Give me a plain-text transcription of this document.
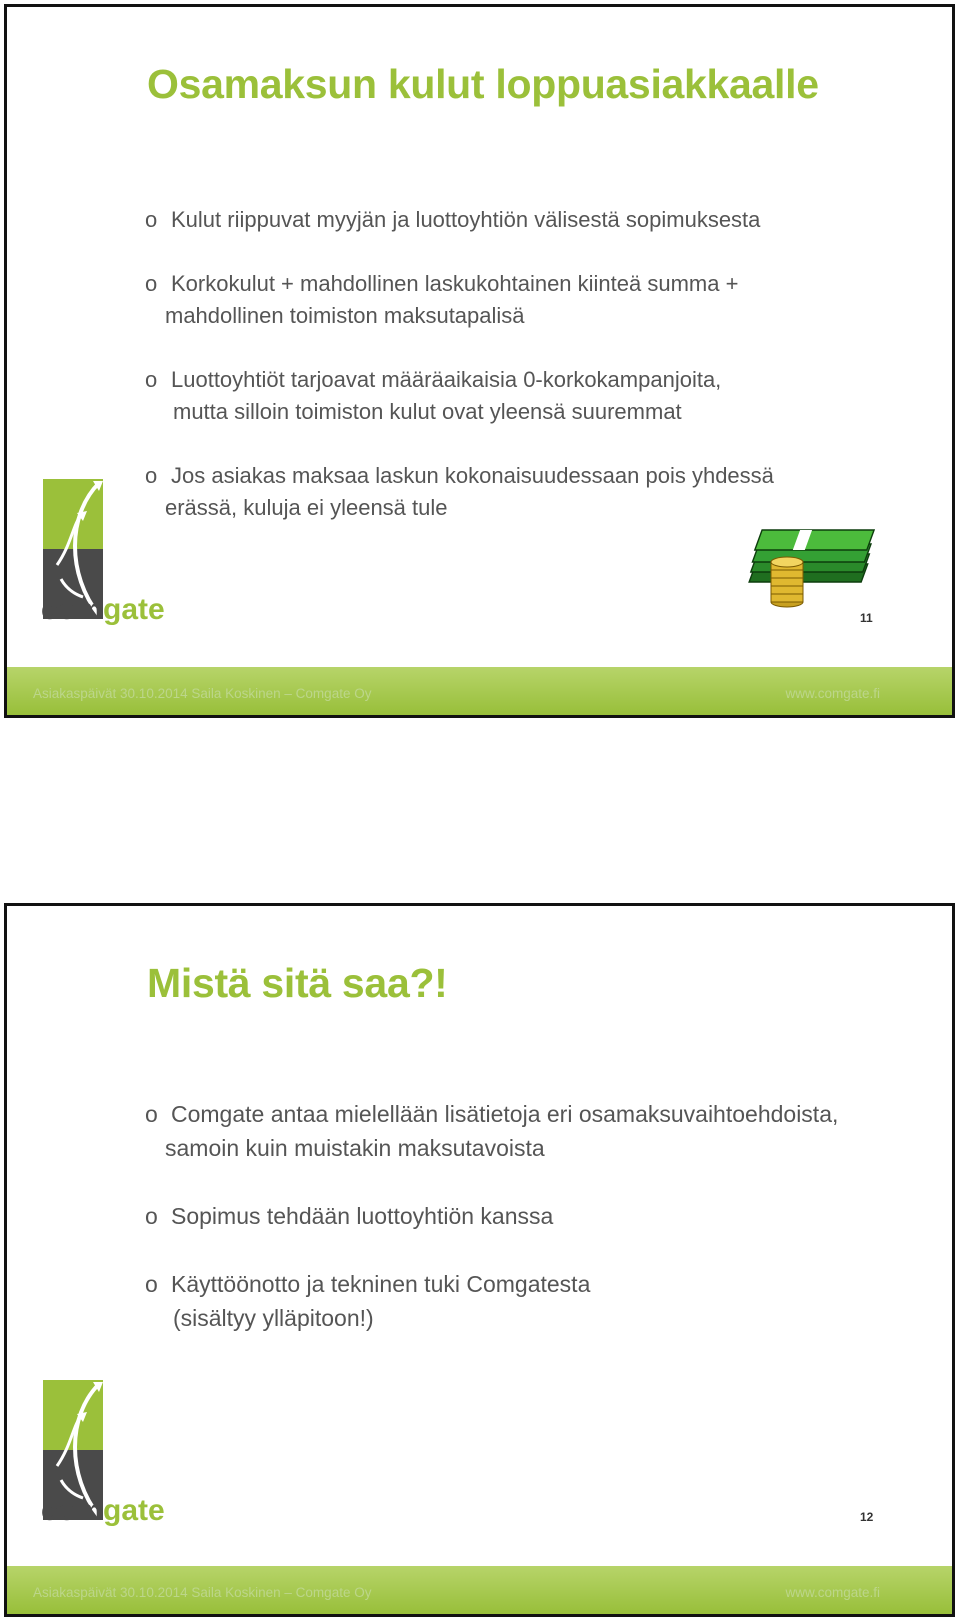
Osamaksun kulut loppuasiakkaalle
o Kulut riippuvat myyjän ja luottoyhtiön välisestä sopimuksesta
o Korkokulut + mahdollinen laskukohtainen kiinteä summa +
mahdollinen toimiston maksutapalisä
o Luottoyhtiöt tarjoavat määräaikaisia 0-korkokampanjoita,
mutta silloin toimiston kulut ovat yleensä suuremmat
o Jos asiakas maksaa laskun kokonaisuudessaan pois yhdessä
erässä, kuluja ei yleensä tule
com gate	11
Asiakaspäivät 30.10.2014 Saila Koskinen – Comgate Oy	www.comgate.fi
Mistä sitä saa?!
o Comgate antaa mielellään lisätietoja eri osamaksuvaihtoehdoista,
samoin kuin muistakin maksutavoista
o Sopimus tehdään luottoyhtiön kanssa
o Käyttöönotto ja tekninen tuki Comgatesta
(sisältyy ylläpitoon!)
com gate	12
Asiakaspäivät 30.10.2014 Saila Koskinen – Comgate Oy	www.comgate.fi
